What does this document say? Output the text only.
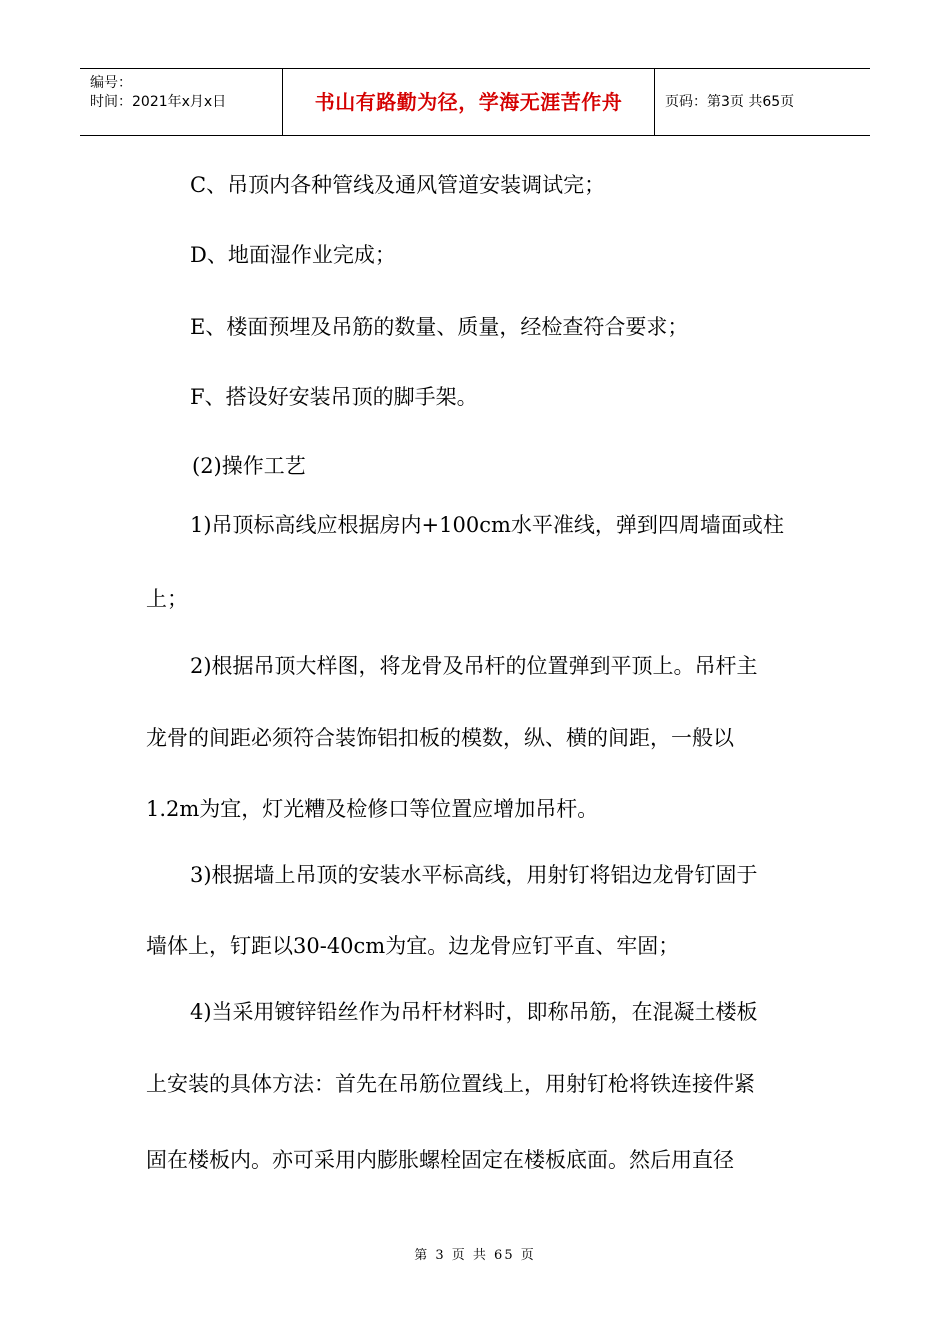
编号：
时间：2021年x月x日	书山有路勤为径，学海无涯苦作舟	页码：第3页 共65页
C、吊顶内各种管线及通风管道安装调试完；
D、地面湿作业完成；
E、楼面预埋及吊筋的数量、质量，经检查符合要求；
F、搭设好安装吊顶的脚手架。
(2)操作工艺
1)吊顶标高线应根据房内+100cm水平准线，弹到四周墙面或柱
上；
2)根据吊顶大样图，将龙骨及吊杆的位置弹到平顶上。吊杆主
龙骨的间距必须符合装饰铝扣板的模数，纵、横的间距，一般以
1.2m为宜，灯光糟及检修口等位置应增加吊杆。
3)根据墙上吊顶的安装水平标高线，用射钉将铝边龙骨钉固于
墙体上，钉距以30-40cm为宜。边龙骨应钉平直、牢固；
4)当采用镀锌铅丝作为吊杆材料时，即称吊筋，在混凝土楼板
上安装的具体方法：首先在吊筋位置线上，用射钉枪将铁连接件紧
固在楼板内。亦可采用内膨胀螺栓固定在楼板底面。然后用直径
第 3 页 共 65 页
